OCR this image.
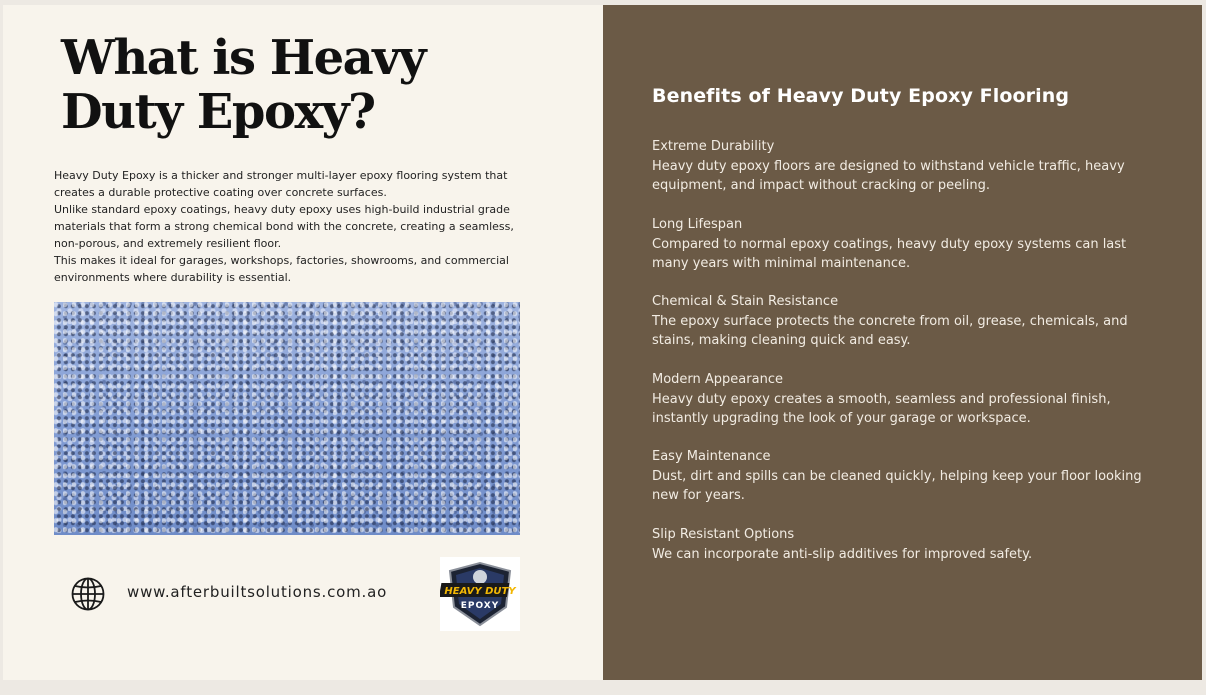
What is Heavy Duty Epoxy?

Heavy Duty Epoxy is a thicker and stronger multi-layer epoxy flooring system that creates a durable protective coating over concrete surfaces.

Unlike standard epoxy coatings, heavy duty epoxy uses high-build industrial grade materials that form a strong chemical bond with the concrete, creating a seamless, non-porous, and extremely resilient floor.

This makes it ideal for garages, workshops, factories, showrooms, and commercial environments where durability is essential.

www.afterbuiltsolutions.com.ao	HEAVY DUTY
EPOXY
Benefits of Heavy Duty Epoxy Flooring
Extreme Durability
Heavy duty epoxy floors are designed to withstand vehicle traffic, heavy equipment, and impact without cracking or peeling.
Long Lifespan
Compared to normal epoxy coatings, heavy duty epoxy systems can last many years with minimal maintenance.
Chemical & Stain Resistance
The epoxy surface protects the concrete from oil, grease, chemicals, and stains, making cleaning quick and easy.
Modern Appearance
Heavy duty epoxy creates a smooth, seamless and professional finish, instantly upgrading the look of your garage or workspace.
Easy Maintenance
Dust, dirt and spills can be cleaned quickly, helping keep your floor looking new for years.
Slip Resistant Options
We can incorporate anti-slip additives for improved safety.
